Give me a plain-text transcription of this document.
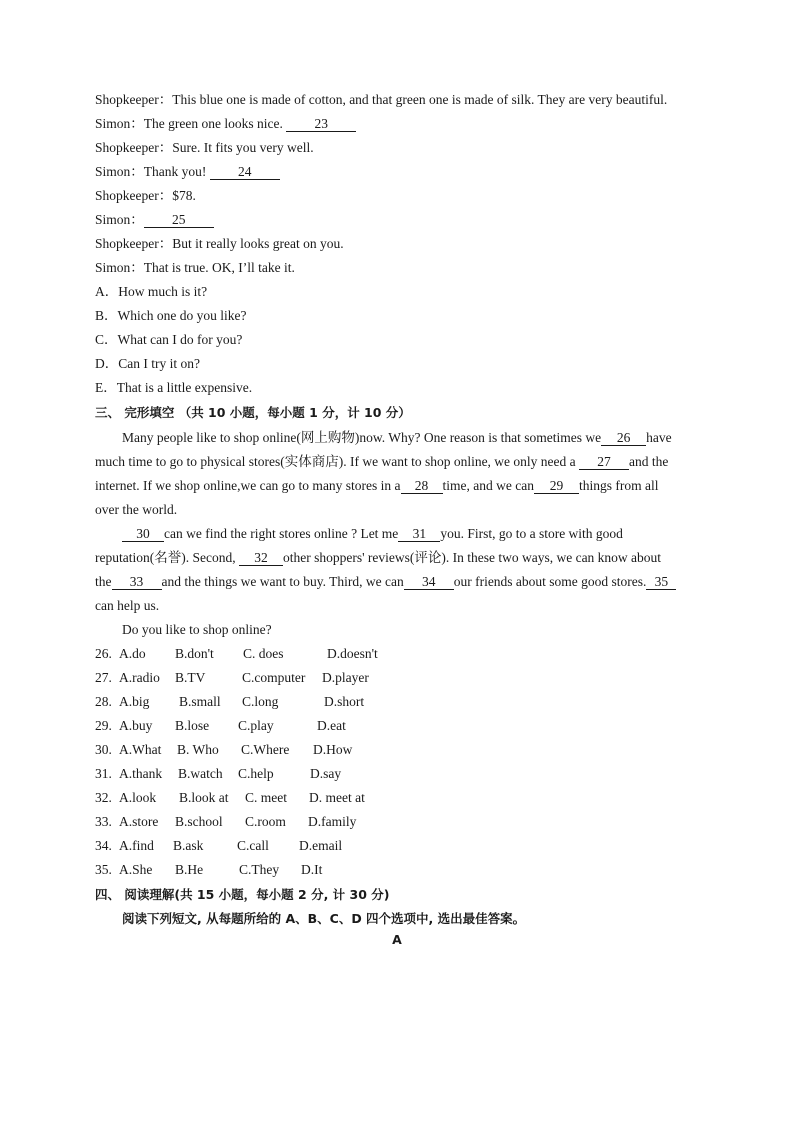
Shopkeeper：This blue one is made of cotton, and that green one is made of silk. They are very beautiful.
Simon：The green one looks nice. 23
Shopkeeper：Sure. It fits you very well.
Simon：Thank you! 24
Shopkeeper：$78.
Simon： 25
Shopkeeper：But it really looks great on you.
Simon：That is true. OK, I’ll take it.
A．How much is it?
B．Which one do you like?
C．What can I do for you?
D．Can I try it on?
E．That is a little expensive.
三、 完形填空 （共 10 小题，每小题 1 分，计 10 分）
Many people like to shop online(网上购物)now. Why? One reason is that sometimes we 26 have
much time to go to physical stores(实体商店). If we want to shop online, we only need a 27 and the
internet. If we shop online,we can go to many stores in a 28 time, and we can 29 things from all
over the world.
30 can we find the right stores online ? Let me 31 you. First, go to a store with good
reputation(名誉). Second, 32 other shoppers' reviews(评论). In these two ways, we can know about
the 33 and the things we want to buy. Third, we can 34 our friends about some good stores. 35
can help us.
Do you like to shop online?
26. A.do B.don't C. does	D.doesn't
27. A.radio B.TV	C.computer D.player
28. A.big B.small C.long	D.short
29. A.buy B.lose C.play	D.eat
30. A.What B. Who C.Where D.How
31. A.thank B.watch C.help	D.say
32. A.look B.look at C. meet D. meet at
33. A.store B.school C.room D.family
34. A.find B.ask C.call D.email
35. A.She B.He	C.They D.It
四、 阅读理解(共 15 小题，每小题 2 分, 计 30 分)
阅读下列短文, 从每题所给的 A、B、C、D 四个选项中, 选出最佳答案。
A
